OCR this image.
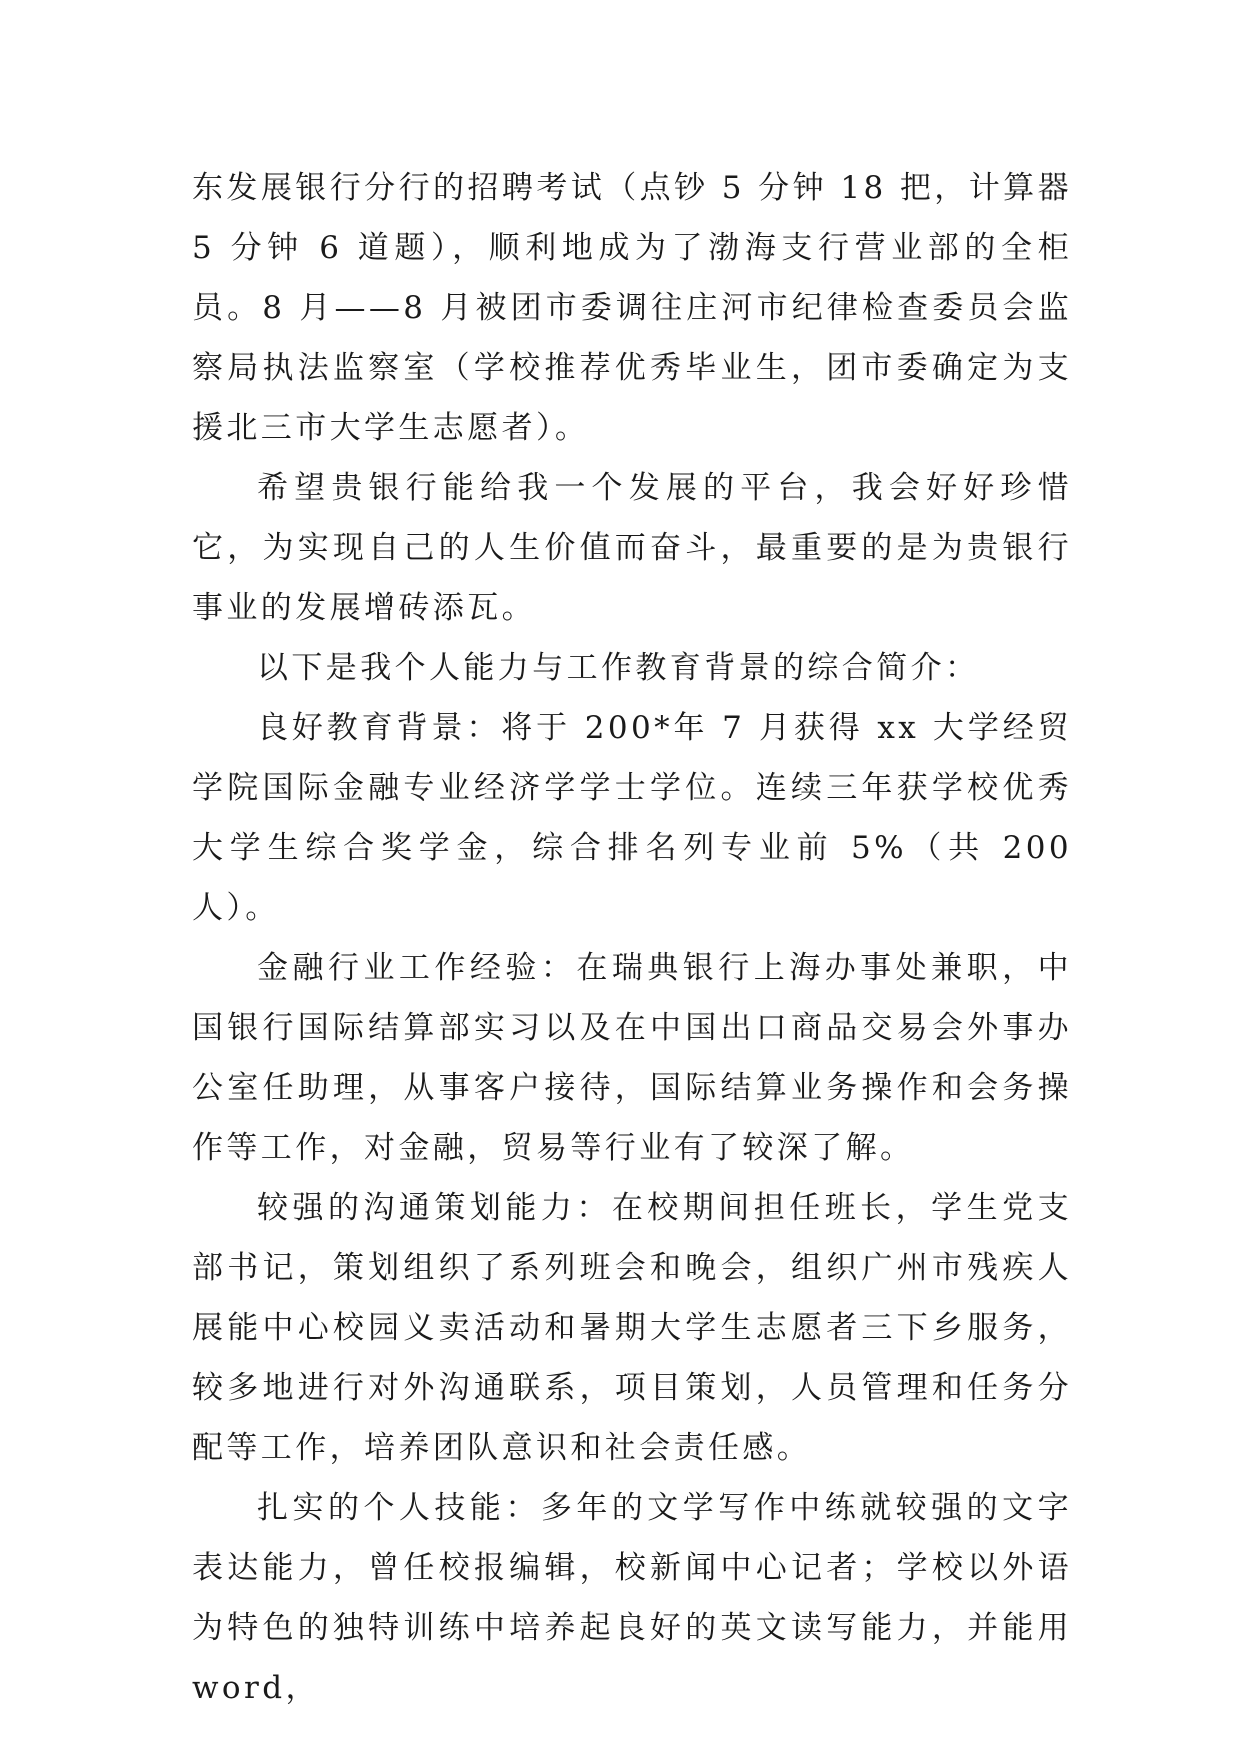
东发展银行分行的招聘考试（点钞 5 分钟 18 把，计算器 5 分钟 6 道题），顺利地成为了渤海支行营业部的全柜员。8 月——8 月被团市委调往庄河市纪律检查委员会监察局执法监察室（学校推荐优秀毕业生，团市委确定为支援北三市大学生志愿者）。

希望贵银行能给我一个发展的平台，我会好好珍惜它，为实现自己的人生价值而奋斗，最重要的是为贵银行事业的发展增砖添瓦。

以下是我个人能力与工作教育背景的综合简介：

良好教育背景：将于 200*年 7 月获得 xx 大学经贸学院国际金融专业经济学学士学位。连续三年获学校优秀大学生综合奖学金，综合排名列专业前 5%（共 200 人）。

金融行业工作经验：在瑞典银行上海办事处兼职，中国银行国际结算部实习以及在中国出口商品交易会外事办公室任助理，从事客户接待，国际结算业务操作和会务操作等工作，对金融，贸易等行业有了较深了解。

较强的沟通策划能力：在校期间担任班长，学生党支部书记，策划组织了系列班会和晚会，组织广州市残疾人展能中心校园义卖活动和暑期大学生志愿者三下乡服务，较多地进行对外沟通联系，项目策划，人员管理和任务分配等工作，培养团队意识和社会责任感。

扎实的个人技能：多年的文学写作中练就较强的文字表达能力，曾任校报编辑，校新闻中心记者；学校以外语为特色的独特训练中培养起良好的英文读写能力，并能用 word，
